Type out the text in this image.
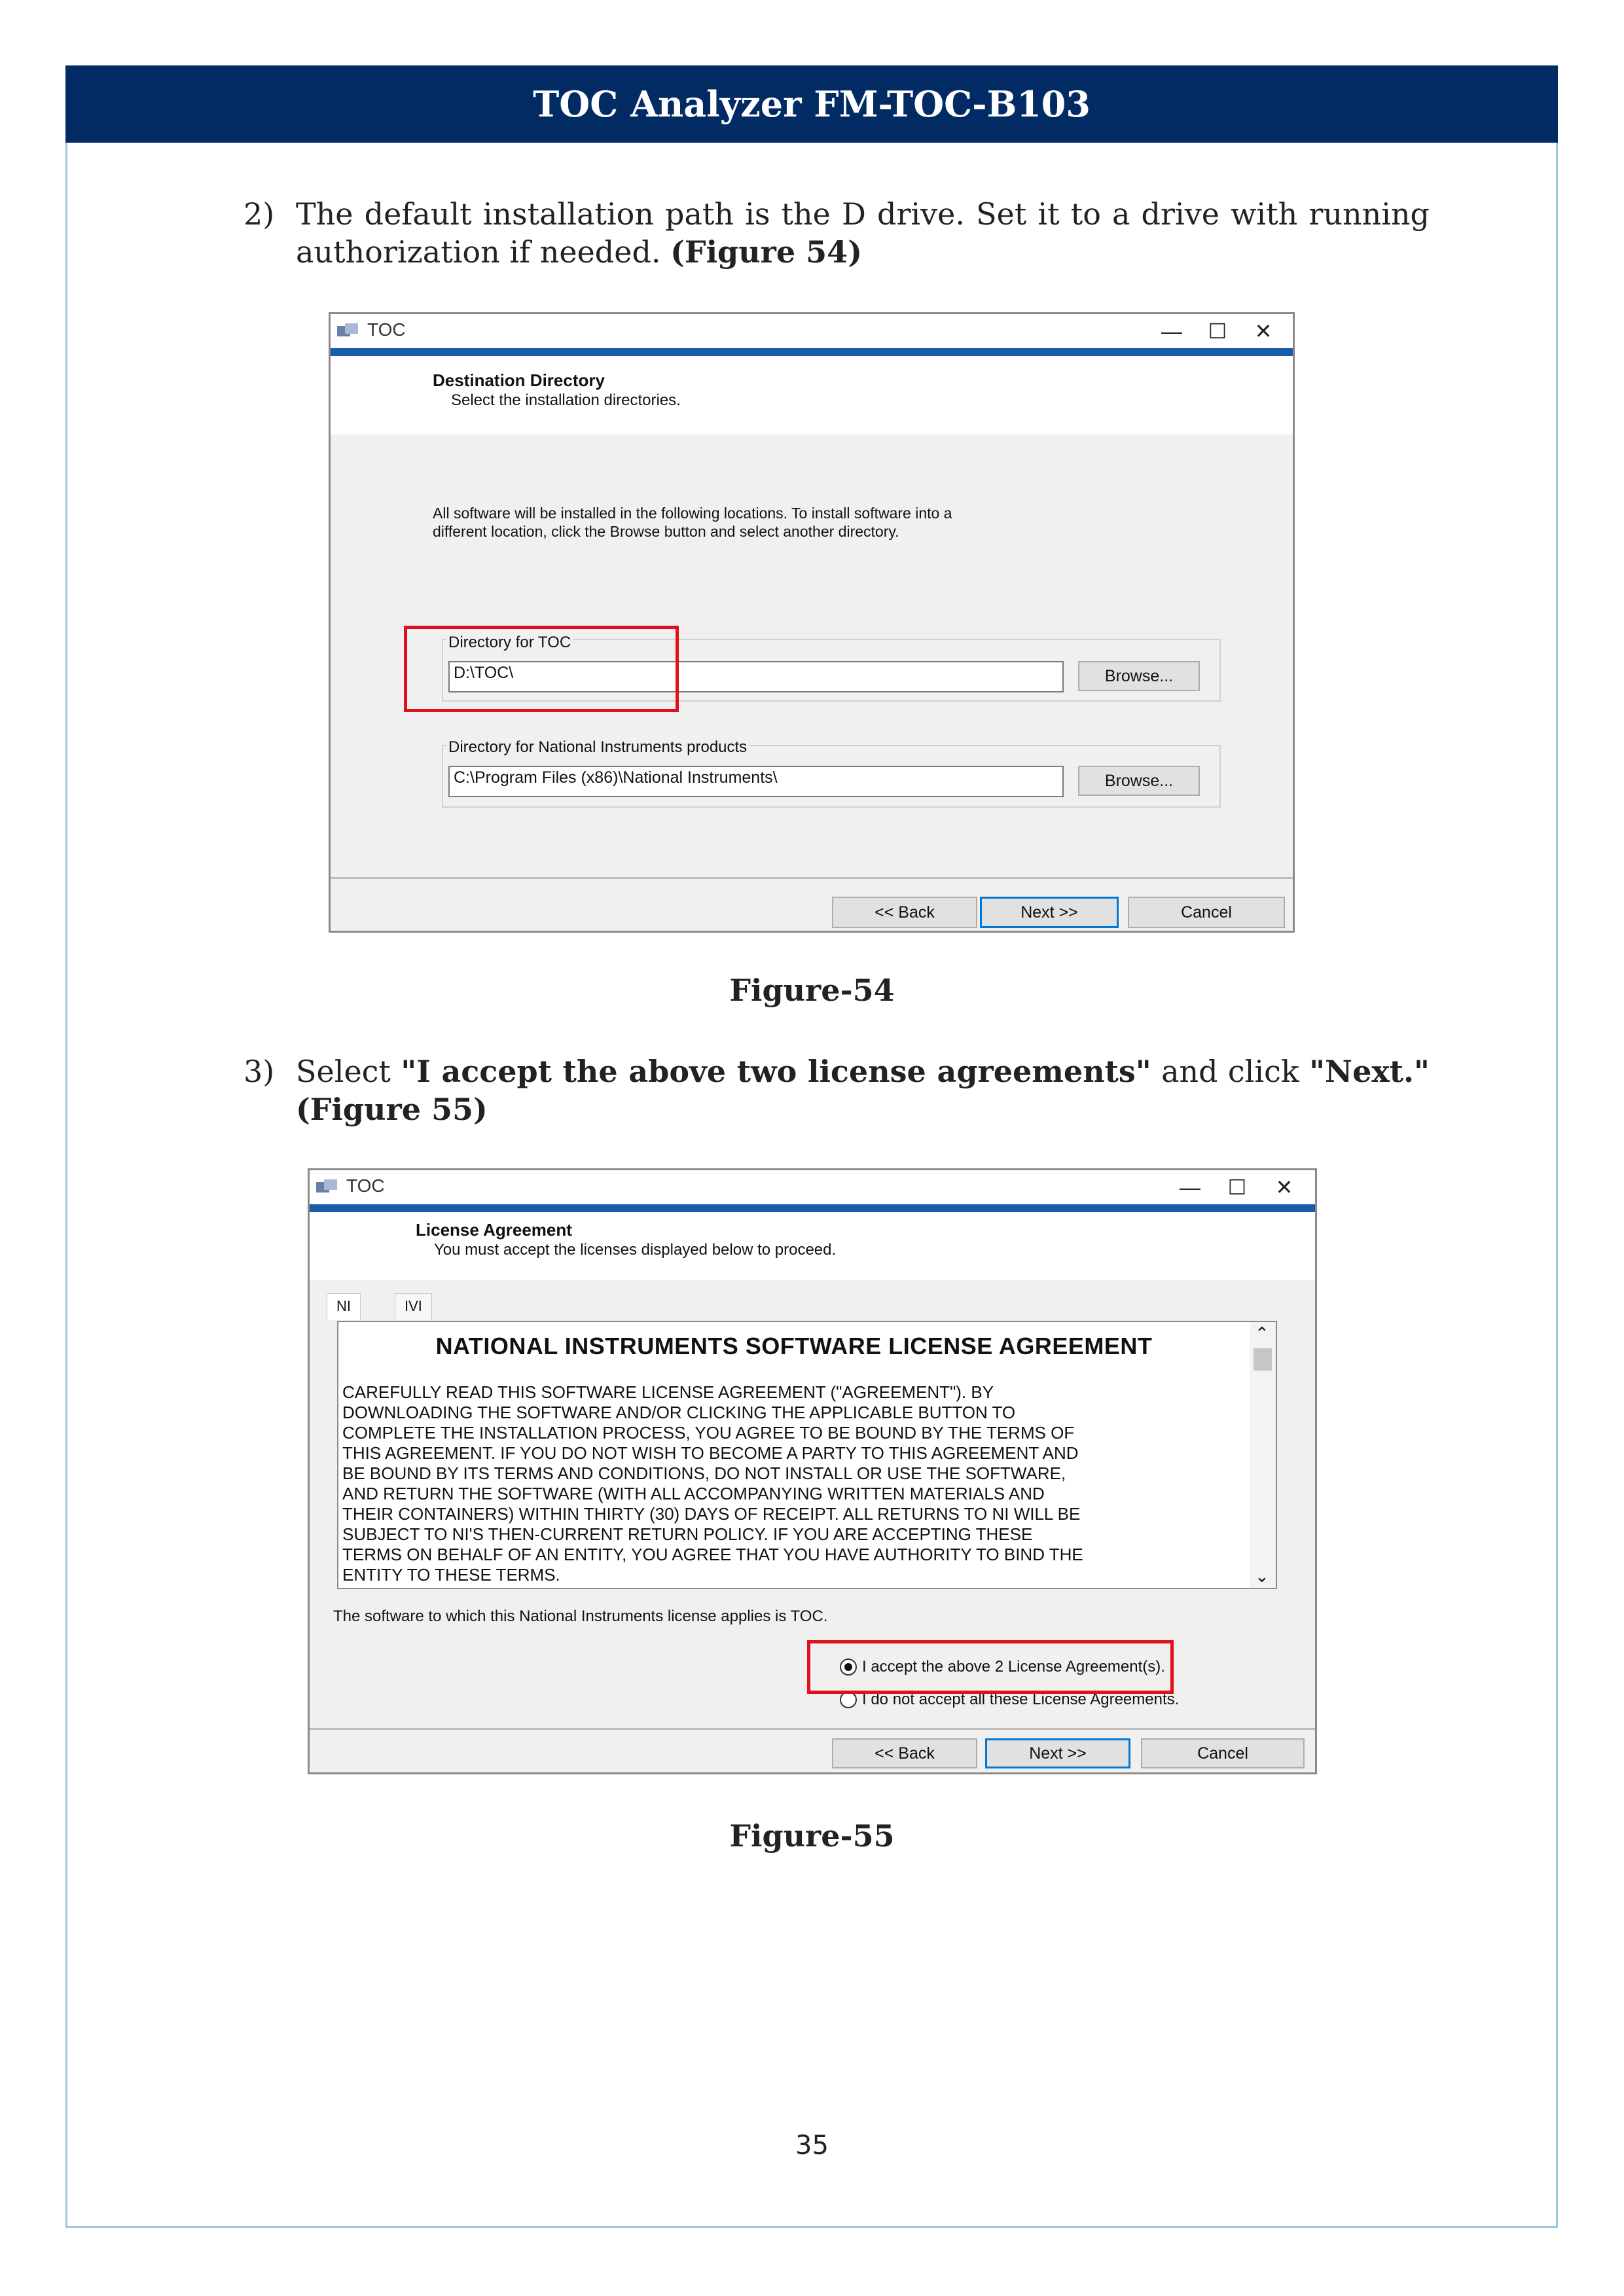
TOC Analyzer FM-TOC-B103
2) The default installation path is the D drive. Set it to a drive with running authorization if needed. (Figure 54)
TOC	—	☐	✕
Destination Directory
Select the installation directories.
All software will be installed in the following locations. To install software into a
different location, click the Browse button and select another directory.
Directory for TOC
D:\TOC\	Browse...
Directory for National Instruments products
C:\Program Files (x86)\National Instruments\	Browse...
<< Back	Next >>	Cancel
Figure-54
3) Select "I accept the above two license agreements" and click "Next." (Figure 55)
TOC	—	☐	✕
License Agreement
You must accept the licenses displayed below to proceed.
NI	IVI
NATIONAL INSTRUMENTS SOFTWARE LICENSE AGREEMENT
CAREFULLY READ THIS SOFTWARE LICENSE AGREEMENT ("AGREEMENT"). BY
DOWNLOADING THE SOFTWARE AND/OR CLICKING THE APPLICABLE BUTTON TO
COMPLETE THE INSTALLATION PROCESS, YOU AGREE TO BE BOUND BY THE TERMS OF
THIS AGREEMENT. IF YOU DO NOT WISH TO BECOME A PARTY TO THIS AGREEMENT AND
BE BOUND BY ITS TERMS AND CONDITIONS, DO NOT INSTALL OR USE THE SOFTWARE,
AND RETURN THE SOFTWARE (WITH ALL ACCOMPANYING WRITTEN MATERIALS AND
THEIR CONTAINERS) WITHIN THIRTY (30) DAYS OF RECEIPT. ALL RETURNS TO NI WILL BE
SUBJECT TO NI'S THEN-CURRENT RETURN POLICY. IF YOU ARE ACCEPTING THESE
TERMS ON BEHALF OF AN ENTITY, YOU AGREE THAT YOU HAVE AUTHORITY TO BIND THE
ENTITY TO THESE TERMS.
⌃
⌄
The software to which this National Instruments license applies is TOC.
I accept the above 2 License Agreement(s).
I do not accept all these License Agreements.
<< Back	Next >>	Cancel
Figure-55
35
